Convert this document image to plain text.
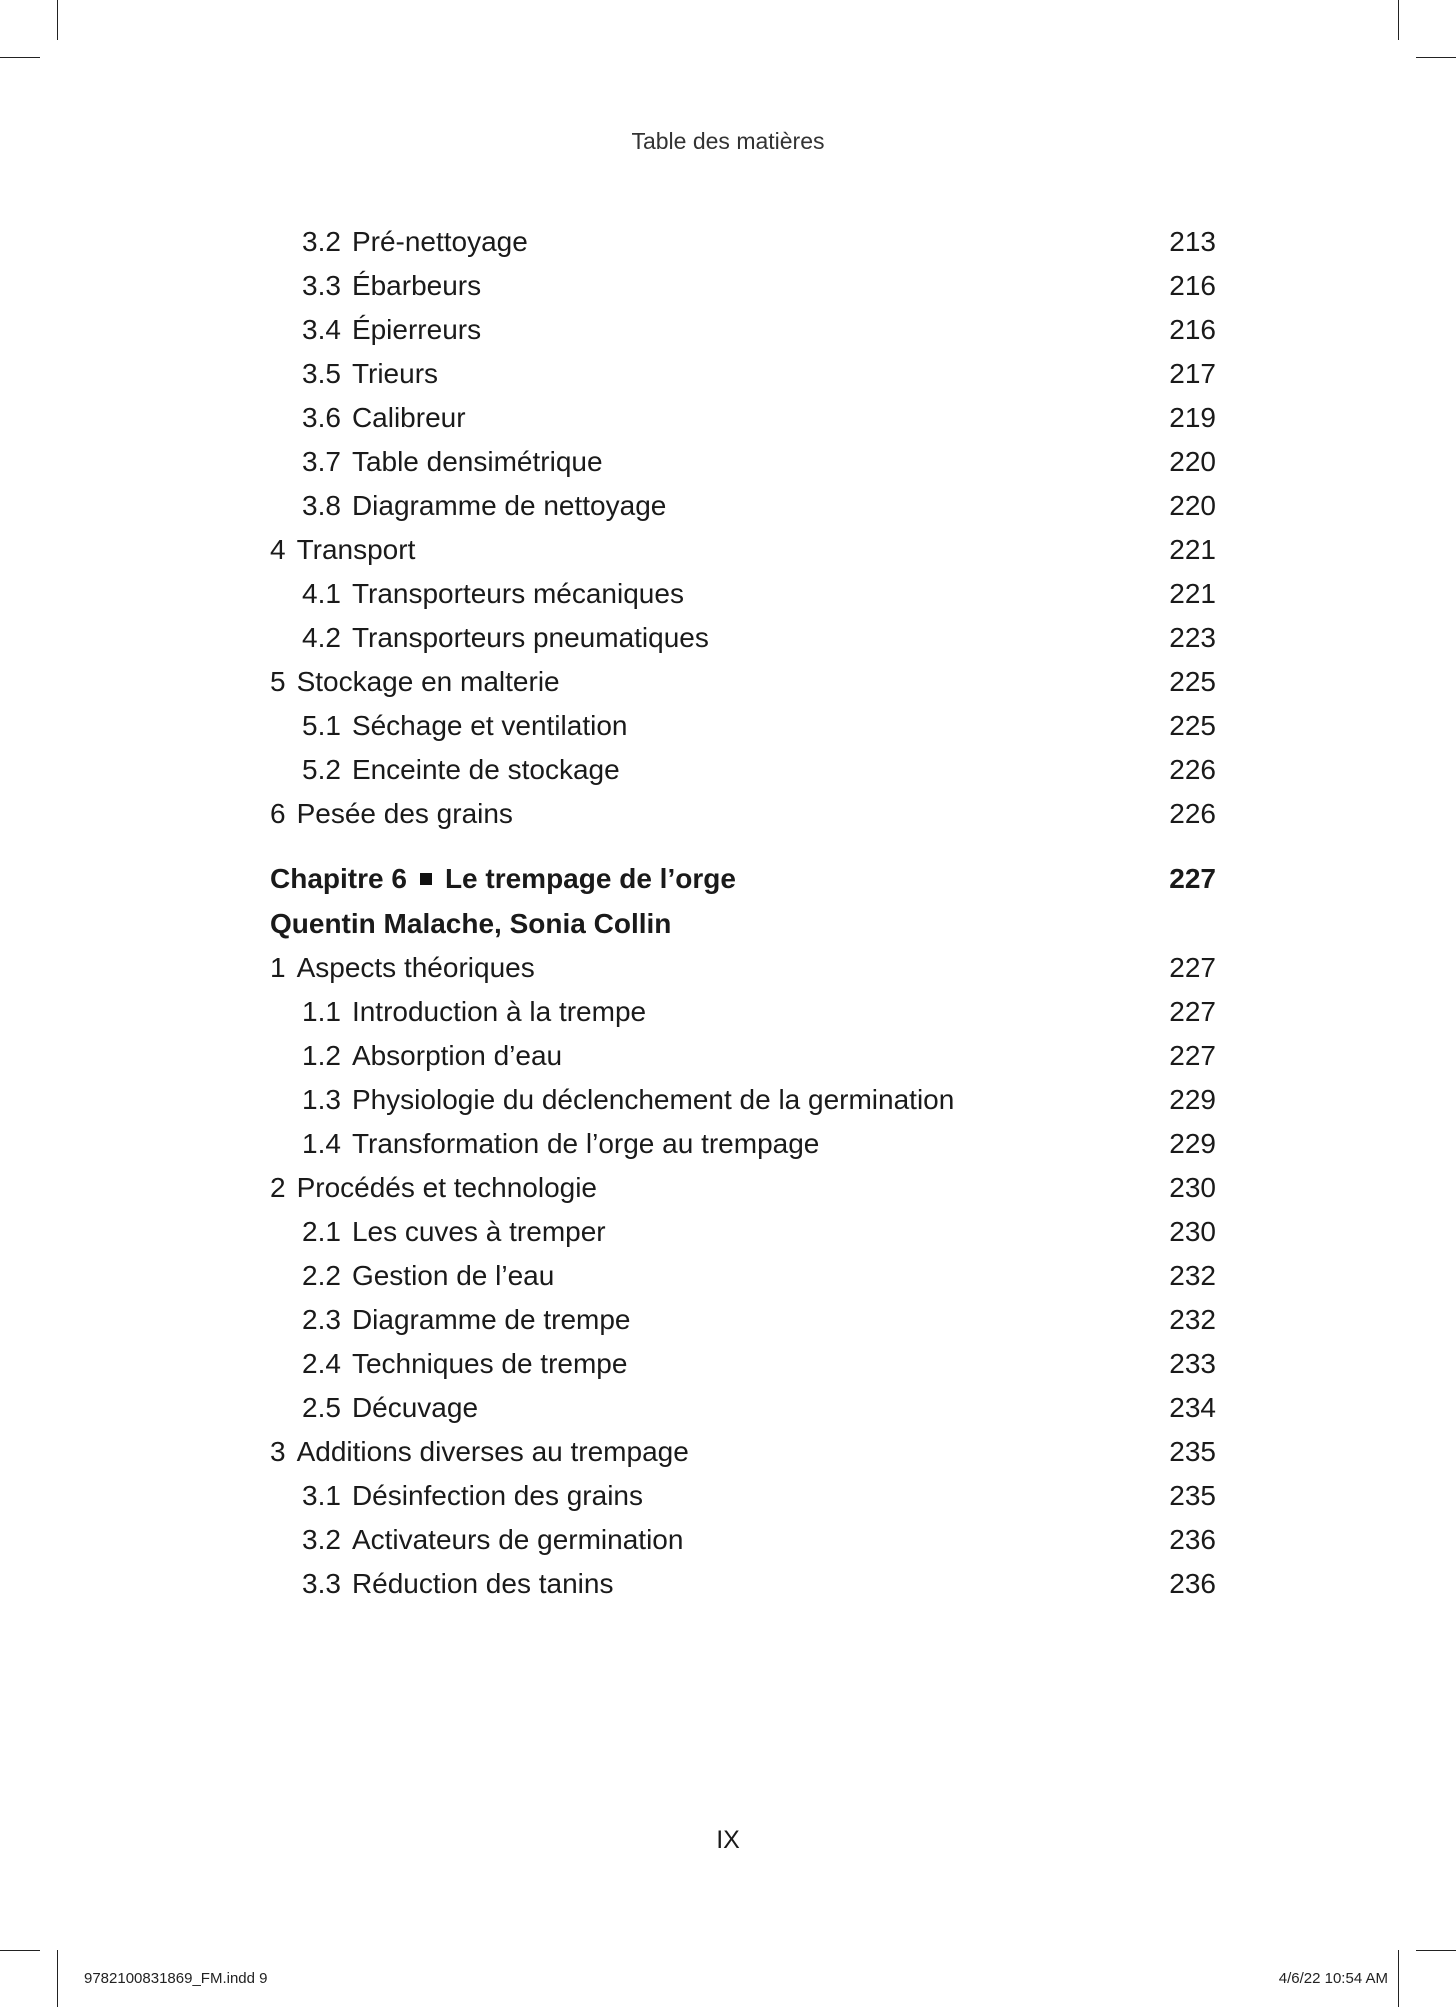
Table des matières
3.2 Pré-nettoyage	213
3.3 Ébarbeurs	216
3.4 Épierreurs	216
3.5 Trieurs	217
3.6 Calibreur	219
3.7 Table densimétrique	220
3.8 Diagramme de nettoyage	220
4 Transport	221
4.1 Transporteurs mécaniques	221
4.2 Transporteurs pneumatiques	223
5 Stockage en malterie	225
5.1 Séchage et ventilation	225
5.2 Enceinte de stockage	226
6 Pesée des grains	226
Chapitre 6 Le trempage de l’orge	227
Quentin Malache, Sonia Collin
1 Aspects théoriques	227
1.1 Introduction à la trempe	227
1.2 Absorption d’eau	227
1.3 Physiologie du déclenchement de la germination	229
1.4 Transformation de l’orge au trempage	229
2 Procédés et technologie	230
2.1 Les cuves à tremper	230
2.2 Gestion de l’eau	232
2.3 Diagramme de trempe	232
2.4 Techniques de trempe	233
2.5 Décuvage	234
3 Additions diverses au trempage	235
3.1 Désinfection des grains	235
3.2 Activateurs de germination	236
3.3 Réduction des tanins	236
IX
9782100831869_FM.indd 9	4/6/22 10:54 AM
